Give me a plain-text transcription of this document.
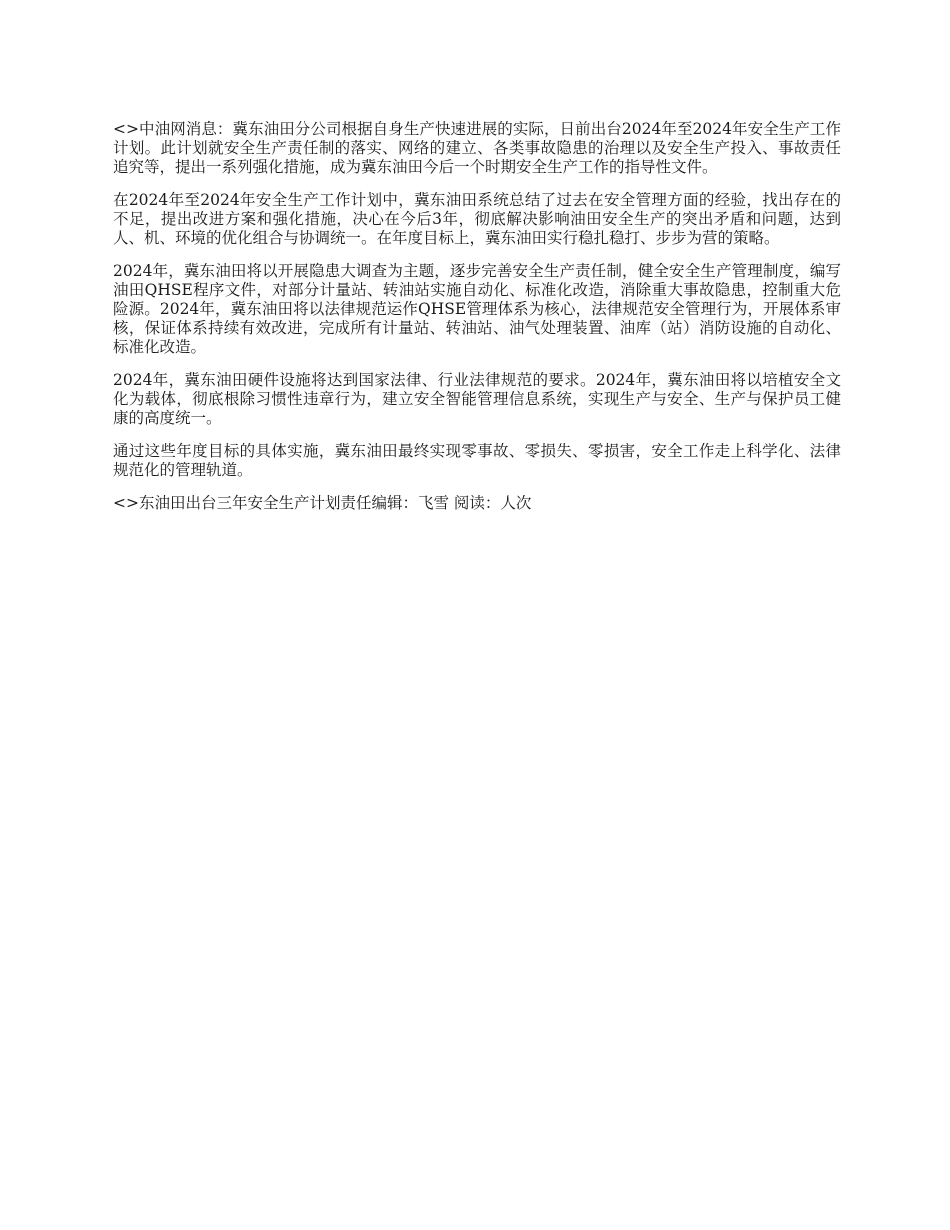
<>中油网消息：冀东油田分公司根据自身生产快速进展的实际，日前出台2024年至2024年安全生产工作计划。此计划就安全生产责任制的落实、网络的建立、各类事故隐患的治理以及安全生产投入、事故责任追究等，提出一系列强化措施，成为冀东油田今后一个时期安全生产工作的指导性文件。

在2024年至2024年安全生产工作计划中，冀东油田系统总结了过去在安全管理方面的经验，找出存在的不足，提出改进方案和强化措施，决心在今后3年，彻底解决影响油田安全生产的突出矛盾和问题，达到人、机、环境的优化组合与协调统一。在年度目标上，冀东油田实行稳扎稳打、步步为营的策略。

2024年，冀东油田将以开展隐患大调查为主题，逐步完善安全生产责任制，健全安全生产管理制度，编写油田QHSE程序文件，对部分计量站、转油站实施自动化、标准化改造，消除重大事故隐患，控制重大危险源。2024年，冀东油田将以法律规范运作QHSE管理体系为核心，法律规范安全管理行为，开展体系审核，保证体系持续有效改进，完成所有计量站、转油站、油气处理装置、油库（站）消防设施的自动化、标准化改造。

2024年，冀东油田硬件设施将达到国家法律、行业法律规范的要求。2024年，冀东油田将以培植安全文化为载体，彻底根除习惯性违章行为，建立安全智能管理信息系统，实现生产与安全、生产与保护员工健康的高度统一。

通过这些年度目标的具体实施，冀东油田最终实现零事故、零损失、零损害，安全工作走上科学化、法律规范化的管理轨道。

<>东油田出台三年安全生产计划责任编辑：飞雪 阅读：人次
